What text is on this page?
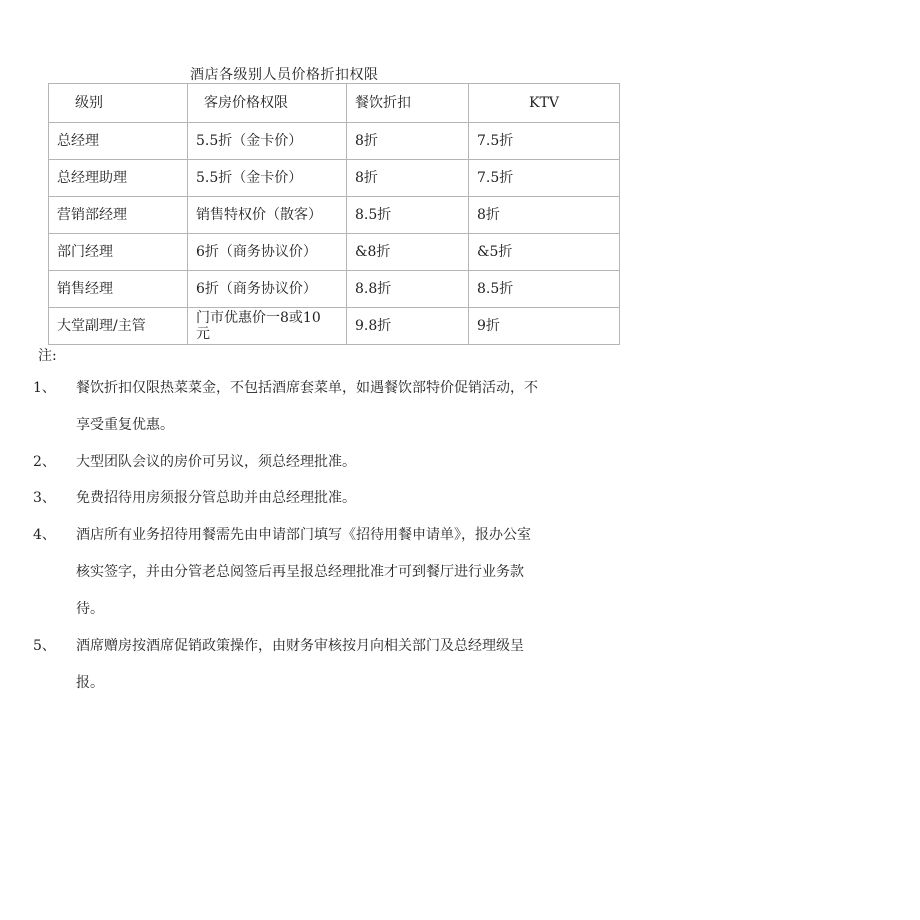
酒店各级别人员价格折扣权限
级别	客房价格权限	餐饮折扣	KTV
总经理	5.5折（金卡价）	8折	7.5折
总经理助理	5.5折（金卡价）	8折	7.5折
营销部经理	销售特权价（散客）	8.5折	8折
部门经理	6折（商务协议价）	&8折	&5折
销售经理	6折（商务协议价）	8.8折	8.5折
大堂副理/主管	门市优惠价一8或10元	9.8折	9折
注:
1、 餐饮折扣仅限热菜菜金，不包括酒席套菜单，如遇餐饮部特价促销活动，不
享受重复优惠。
2、 大型团队会议的房价可另议，须总经理批准。
3、 免费招待用房须报分管总助并由总经理批准。
4、 酒店所有业务招待用餐需先由申请部门填写《招待用餐申请单》，报办公室
核实签字，并由分管老总阅签后再呈报总经理批准才可到餐厅进行业务款
待。
5、 酒席赠房按酒席促销政策操作，由财务审核按月向相关部门及总经理级呈
报。
